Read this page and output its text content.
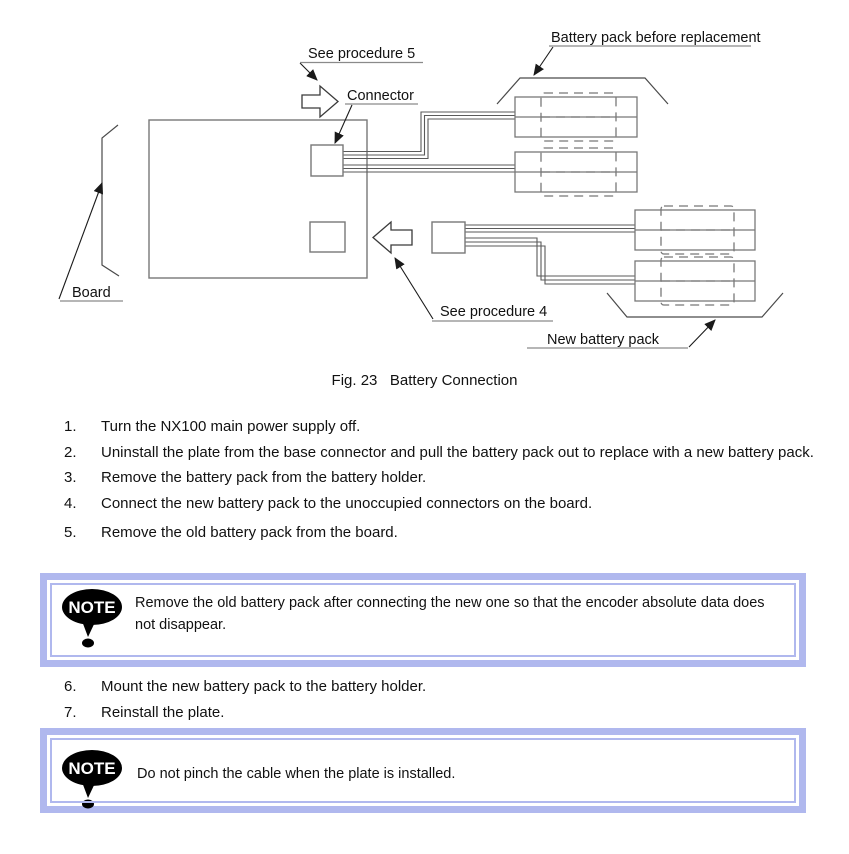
See procedure 5
Connector
Battery pack before replacement
See procedure 4
New battery pack
Board
Fig. 23   Battery Connection
1.	Turn the NX100 main power supply off.
2.	Uninstall the plate from the base connector and pull the battery pack out to replace with a new battery pack.
3.	Remove the battery pack from the battery holder.
4.	Connect the new battery pack to the unoccupied connectors on the board.
5.	Remove the old battery pack from the board.
NOTE Remove the old battery pack after connecting the new one so that the encoder absolute data does not disappear.
6.	Mount the new battery pack to the battery holder.
7.	Reinstall the plate.
NOTE Do not pinch the cable when the plate is installed.
